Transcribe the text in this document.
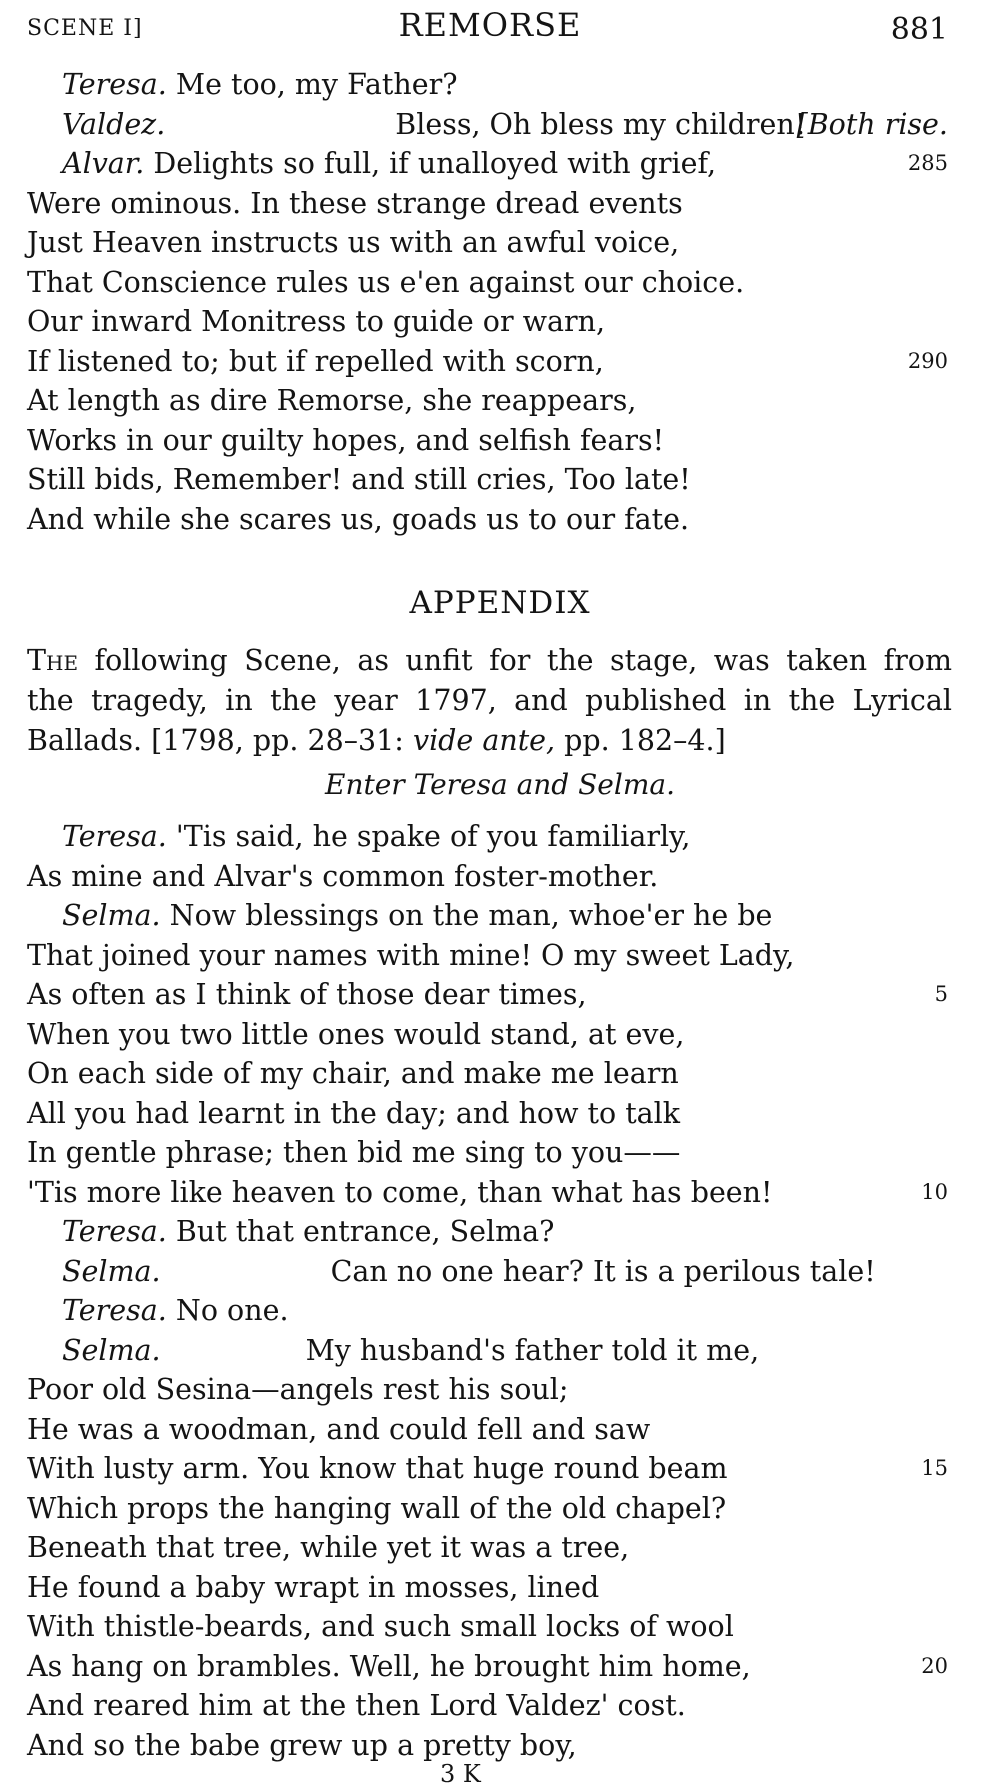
SCENE I]	REMORSE	881
Teresa. Me too, my Father?
Valdez.	Bless, Oh bless my children!
[Both rise.
Alvar. Delights so full, if unalloyed with grief,	285
Were ominous. In these strange dread events
Just Heaven instructs us with an awful voice,
That Conscience rules us e'en against our choice.
Our inward Monitress to guide or warn,
If listened to; but if repelled with scorn,	290
At length as dire Remorse, she reappears,
Works in our guilty hopes, and selfish fears!
Still bids, Remember! and still cries, Too late!
And while she scares us, goads us to our fate.
APPENDIX
The following Scene, as unfit for the stage, was taken from
the tragedy, in the year 1797, and published in the Lyrical
Ballads. [1798, pp. 28–31: vide ante, pp. 182–4.]
Enter Teresa and Selma.
Teresa. 'Tis said, he spake of you familiarly,
As mine and Alvar's common foster-mother.
Selma. Now blessings on the man, whoe'er he be
That joined your names with mine! O my sweet Lady,
As often as I think of those dear times,	5
When you two little ones would stand, at eve,
On each side of my chair, and make me learn
All you had learnt in the day; and how to talk
In gentle phrase; then bid me sing to you——
'Tis more like heaven to come, than what has been!	10
Teresa. But that entrance, Selma?
Selma.	Can no one hear? It is a perilous tale!
Teresa. No one.
Selma.	My husband's father told it me,
Poor old Sesina—angels rest his soul;
He was a woodman, and could fell and saw
With lusty arm. You know that huge round beam	15
Which props the hanging wall of the old chapel?
Beneath that tree, while yet it was a tree,
He found a baby wrapt in mosses, lined
With thistle-beards, and such small locks of wool
As hang on brambles. Well, he brought him home,	20
And reared him at the then Lord Valdez' cost.
And so the babe grew up a pretty boy,
3 K
